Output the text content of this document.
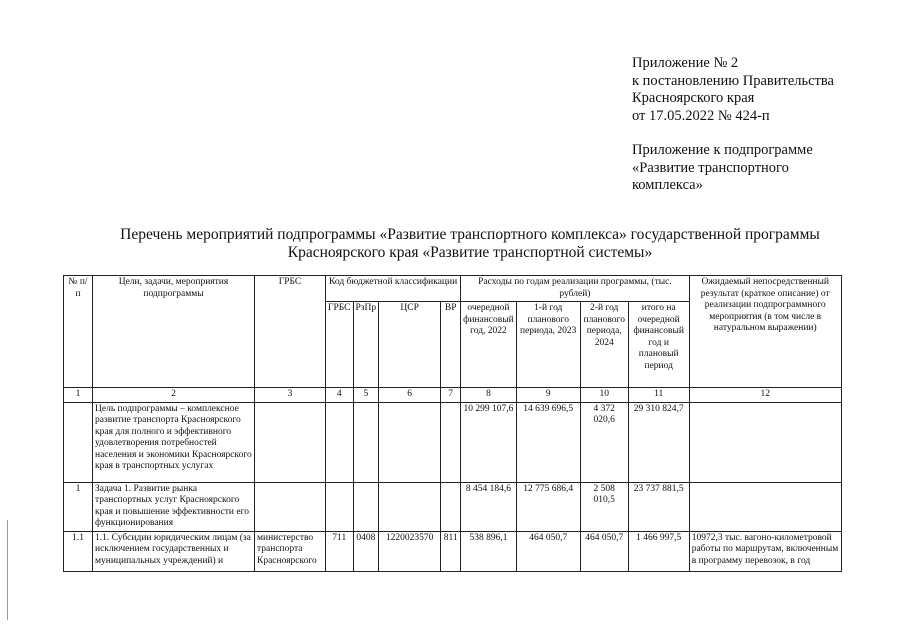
Приложение № 2
к постановлению Правительства
Красноярского края
от 17.05.2022 № 424-п
Приложение к подпрограмме
«Развитие транспортного
комплекса»
Перечень мероприятий подпрограммы «Развитие транспортного комплекса» государственной программы
Красноярского края «Развитие транспортной системы»
№ п/п	Цели, задачи, мероприятия подпрограммы	ГРБС	Код бюджетной классификации				Расходы по годам реализации программы, (тыс. рублей)				Ожидаемый непосредственный результат (краткое описание) от реализации подпрограммного мероприятия (в том числе в натуральном выражении)
			ГРБС	РзПр	ЦСР	ВР	очередной финансовый год, 2022	1-й год планового периода, 2023	2-й год планового периода, 2024	итого на очередной финансовый год и плановый период	
1	2	3	4	5	6	7	8	9	10	11	12
	Цель подпрограммы – комплексное развитие транспорта Красноярского края для полного и эффективного удовлетворения потребностей населения и экономики Красноярского края в транспортных услугах						10 299 107,6	14 639 696,5	4 372 020,6	29 310 824,7	
1	Задача 1. Развитие рынка транспортных услуг Красноярского края и повышение эффективности его функционирования						8 454 184,6	12 775 686,4	2 508 010,5	23 737 881,5	
1.1	1.1. Субсидии юридическим лицам (за исключением государственных и муниципальных учреждений) и	министерство транспорта Красноярского	711	0408	1220023570	811	538 896,1	464 050,7	464 050,7	1 466 997,5	10972,3 тыс. вагоно-километровой работы по маршрутам, включенным в программу перевозок, в год
